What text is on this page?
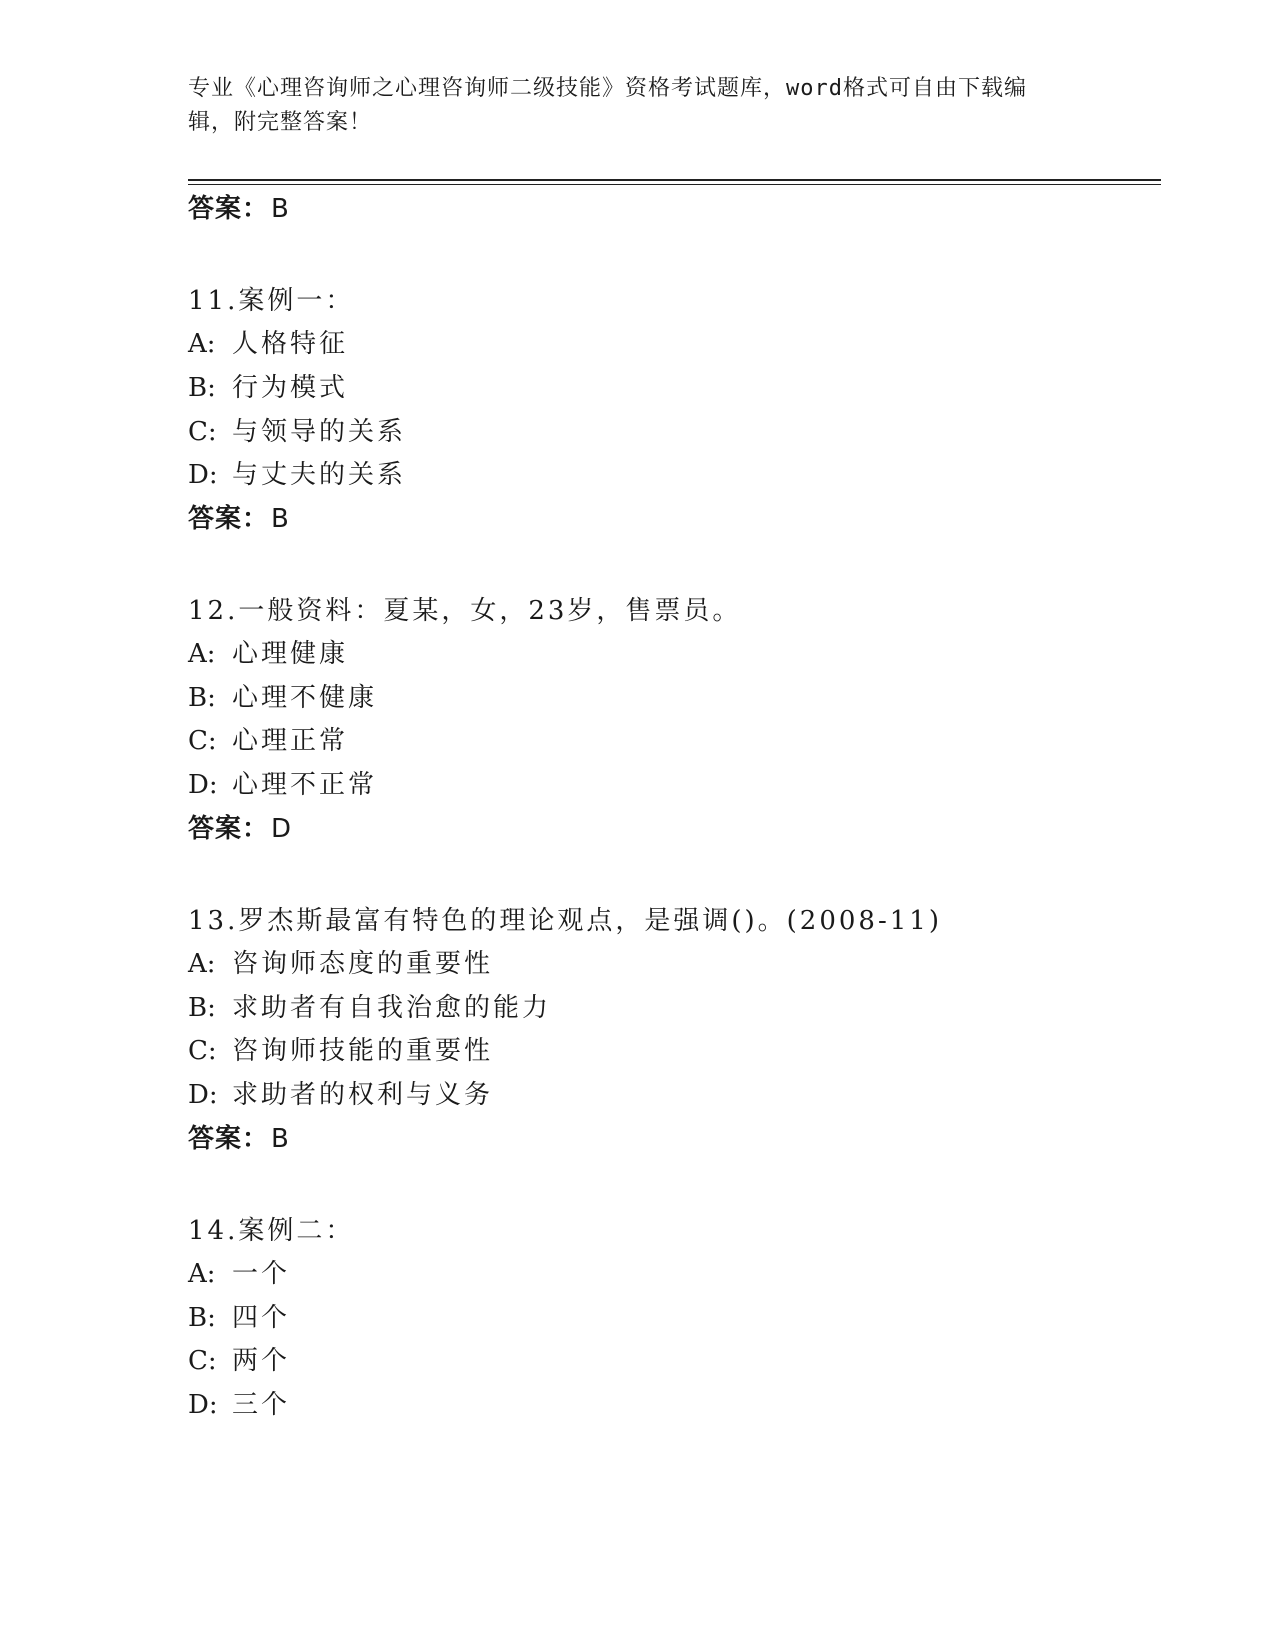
专业《心理咨询师之心理咨询师二级技能》资格考试题库，word格式可自由下载编辑，附完整答案！

答案：B

11.案例一：

A: 人格特征

B: 行为模式

C: 与领导的关系

D: 与丈夫的关系

答案：B

12.一般资料：夏某，女，23岁，售票员。

A: 心理健康

B: 心理不健康

C: 心理正常

D: 心理不正常

答案：D

13.罗杰斯最富有特色的理论观点，是强调()。(2008-11)

A: 咨询师态度的重要性

B: 求助者有自我治愈的能力

C: 咨询师技能的重要性

D: 求助者的权利与义务

答案：B

14.案例二：

A: 一个

B: 四个

C: 两个

D: 三个
